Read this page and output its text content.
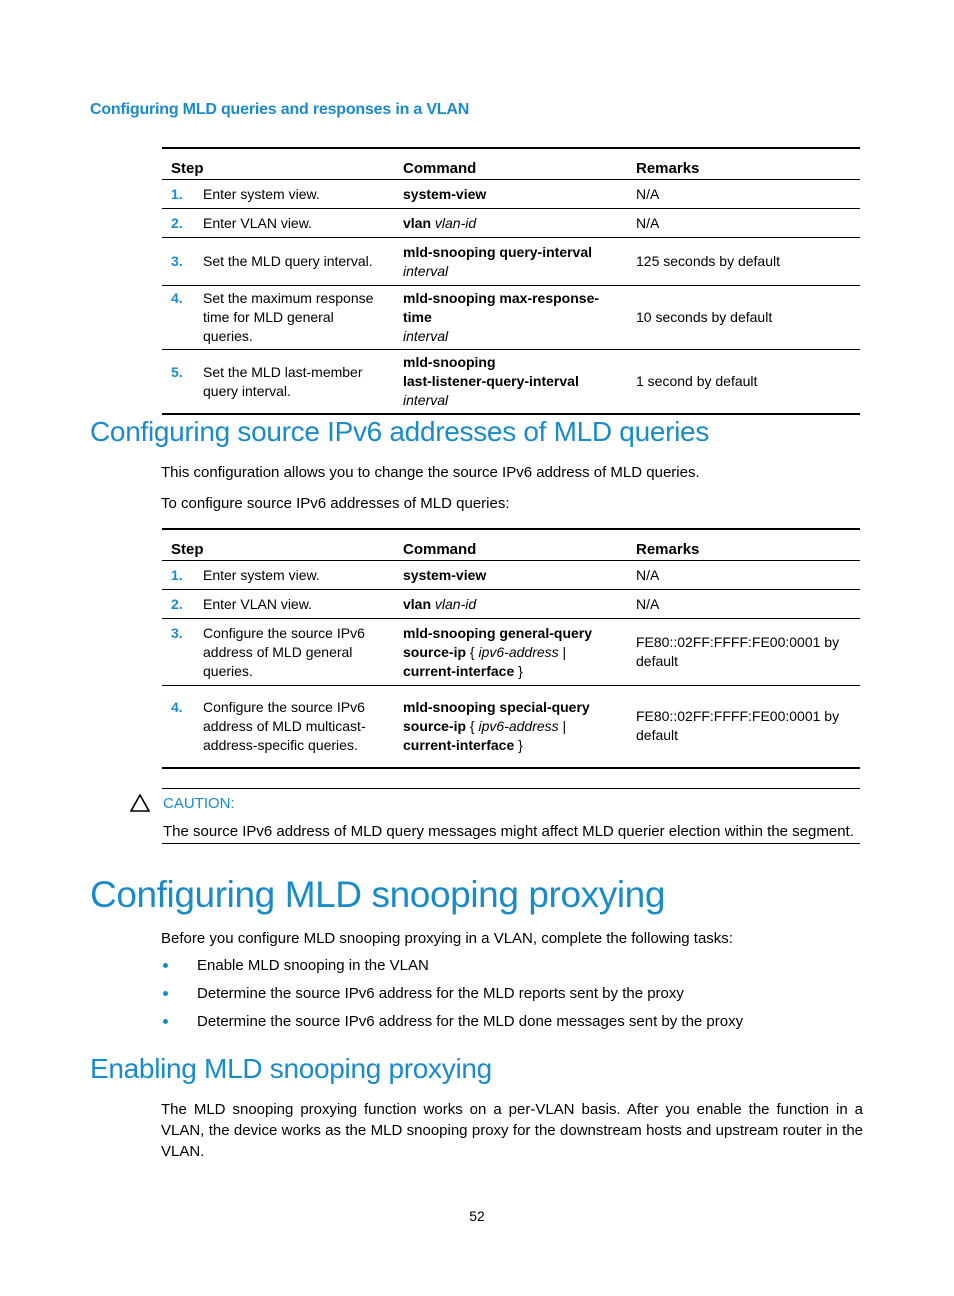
Configuring MLD queries and responses in a VLAN
Step	Command	Remarks

1. Enter system view.	system-view	N/A

2. Enter VLAN view.	vlan vlan-id	N/A

3. Set the MLD query interval.	mld-snooping query-interval
interval	125 seconds by default

4. Set the maximum response time for MLD general queries.	mld-snooping max-response-time
interval	10 seconds by default

5. Set the MLD last-member query interval.	mld-snooping
last-listener-query-interval interval	1 second by default
Configuring source IPv6 addresses of MLD queries

This configuration allows you to change the source IPv6 address of MLD queries.

To configure source IPv6 addresses of MLD queries:

Step	Command	Remarks

1. Enter system view.	system-view	N/A

2. Enter VLAN view.	vlan vlan-id	N/A

3. Configure the source IPv6 address of MLD general queries.	mld-snooping general-query
source-ip { ipv6-address |
current-interface }	FE80::02FF:FFFF:FE00:0001 by default

4. Configure the source IPv6 address of MLD multicast-address-specific queries.	mld-snooping special-query
source-ip { ipv6-address |
current-interface }	FE80::02FF:FFFF:FE00:0001 by default
CAUTION:
The source IPv6 address of MLD query messages might affect MLD querier election within the segment.
Configuring MLD snooping proxying

Before you configure MLD snooping proxying in a VLAN, complete the following tasks:

Enable MLD snooping in the VLAN
Determine the source IPv6 address for the MLD reports sent by the proxy
Determine the source IPv6 address for the MLD done messages sent by the proxy
Enabling MLD snooping proxying

The MLD snooping proxying function works on a per-VLAN basis. After you enable the function in a VLAN, the device works as the MLD snooping proxy for the downstream hosts and upstream router in the VLAN.

52
